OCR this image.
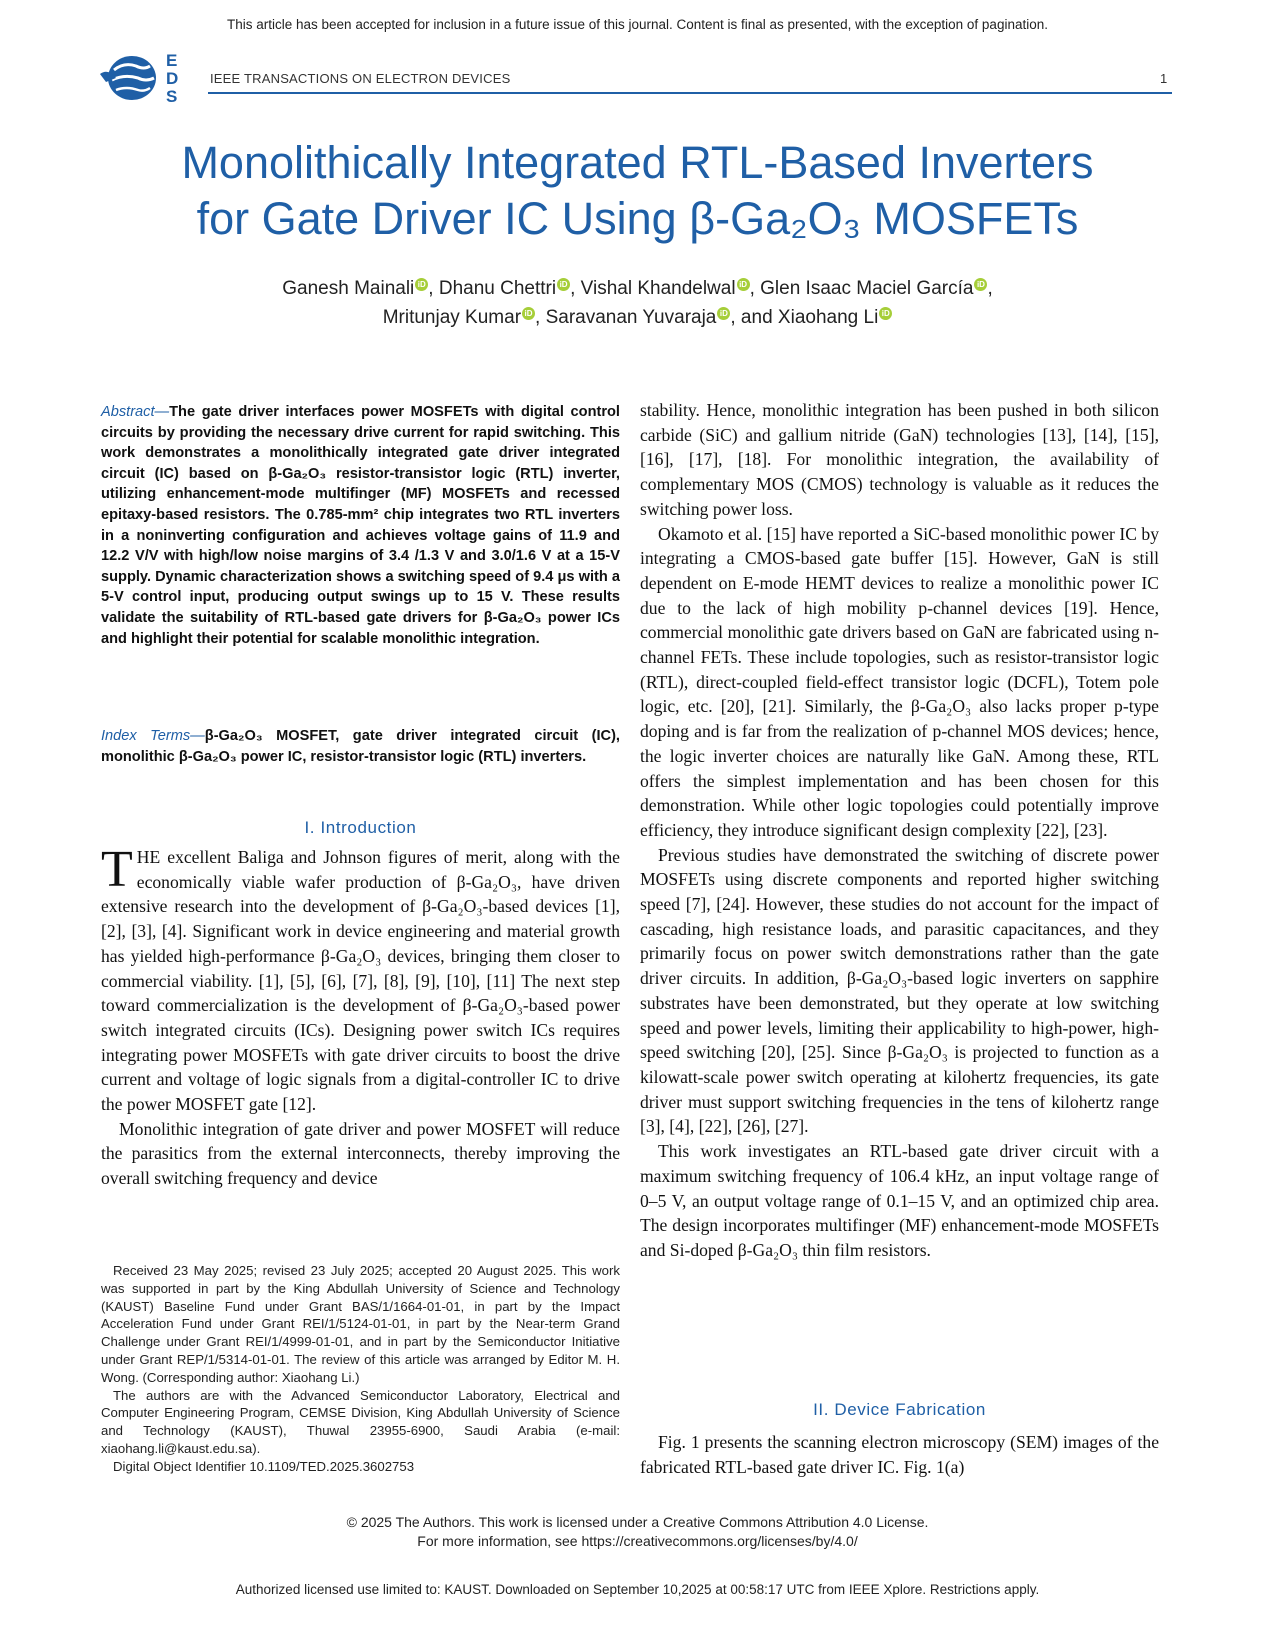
This article has been accepted for inclusion in a future issue of this journal. Content is final as presented, with the exception of pagination.
E
D
S
IEEE TRANSACTIONS ON ELECTRON DEVICES	1
Monolithically Integrated RTL-Based Inverters
for Gate Driver IC Using β-Ga₂O₃ MOSFETs
Ganesh Mainali iD , Dhanu Chettri iD , Vishal Khandelwal iD , Glen Isaac Maciel García iD ,
Mritunjay Kumar iD , Saravanan Yuvaraja iD , and Xiaohang Li iD
Abstract—The gate driver interfaces power MOSFETs with digital control circuits by providing the necessary drive current for rapid switching. This work demonstrates a monolithically integrated gate driver integrated circuit (IC) based on β-Ga₂O₃ resistor-transistor logic (RTL) inverter, utilizing enhancement-mode multifinger (MF) MOSFETs and recessed epitaxy-based resistors. The 0.785-mm² chip integrates two RTL inverters in a noninverting configuration and achieves voltage gains of 11.9 and 12.2 V/V with high/low noise margins of 3.4 /1.3 V and 3.0/1.6 V at a 15-V supply. Dynamic characterization shows a switching speed of 9.4 μs with a 5-V control input, producing output swings up to 15 V. These results validate the suitability of RTL-based gate drivers for β-Ga₂O₃ power ICs and highlight their potential for scalable monolithic integration.
Index Terms—β-Ga₂O₃ MOSFET, gate driver integrated circuit (IC), monolithic β-Ga₂O₃ power IC, resistor-transistor logic (RTL) inverters.
I. Introduction

THE excellent Baliga and Johnson figures of merit, along with the economically viable wafer production of β-Ga₂O₃, have driven extensive research into the development of β-Ga₂O₃-based devices [1], [2], [3], [4]. Significant work in device engineering and material growth has yielded high-performance β-Ga₂O₃ devices, bringing them closer to commercial viability. [1], [5], [6], [7], [8], [9], [10], [11] The next step toward commercialization is the development of β-Ga₂O₃-based power switch integrated circuits (ICs). Designing power switch ICs requires integrating power MOSFETs with gate driver circuits to boost the drive current and voltage of logic signals from a digital-controller IC to drive the power MOSFET gate [12].

Monolithic integration of gate driver and power MOSFET will reduce the parasitics from the external interconnects, thereby improving the overall switching frequency and device

Received 23 May 2025; revised 23 July 2025; accepted 20 August 2025. This work was supported in part by the King Abdullah University of Science and Technology (KAUST) Baseline Fund under Grant BAS/1/1664-01-01, in part by the Impact Acceleration Fund under Grant REI/1/5124-01-01, in part by the Near-term Grand Challenge under Grant REI/1/4999-01-01, and in part by the Semiconductor Initiative under Grant REP/1/5314-01-01. The review of this article was arranged by Editor M. H. Wong. (Corresponding author: Xiaohang Li.)

The authors are with the Advanced Semiconductor Laboratory, Electrical and Computer Engineering Program, CEMSE Division, King Abdullah University of Science and Technology (KAUST), Thuwal 23955-6900, Saudi Arabia (e-mail: xiaohang.li@kaust.edu.sa).

Digital Object Identifier 10.1109/TED.2025.3602753

stability. Hence, monolithic integration has been pushed in both silicon carbide (SiC) and gallium nitride (GaN) technologies [13], [14], [15], [16], [17], [18]. For monolithic integration, the availability of complementary MOS (CMOS) technology is valuable as it reduces the switching power loss.

Okamoto et al. [15] have reported a SiC-based monolithic power IC by integrating a CMOS-based gate buffer [15]. However, GaN is still dependent on E-mode HEMT devices to realize a monolithic power IC due to the lack of high mobility p-channel devices [19]. Hence, commercial monolithic gate drivers based on GaN are fabricated using n-channel FETs. These include topologies, such as resistor-transistor logic (RTL), direct-coupled field-effect transistor logic (DCFL), Totem pole logic, etc. [20], [21]. Similarly, the β-Ga₂O₃ also lacks proper p-type doping and is far from the realization of p-channel MOS devices; hence, the logic inverter choices are naturally like GaN. Among these, RTL offers the simplest implementation and has been chosen for this demonstration. While other logic topologies could potentially improve efficiency, they introduce significant design complexity [22], [23].

Previous studies have demonstrated the switching of discrete power MOSFETs using discrete components and reported higher switching speed [7], [24]. However, these studies do not account for the impact of cascading, high resistance loads, and parasitic capacitances, and they primarily focus on power switch demonstrations rather than the gate driver circuits. In addition, β-Ga₂O₃-based logic inverters on sapphire substrates have been demonstrated, but they operate at low switching speed and power levels, limiting their applicability to high-power, high-speed switching [20], [25]. Since β-Ga₂O₃ is projected to function as a kilowatt-scale power switch operating at kilohertz frequencies, its gate driver must support switching frequencies in the tens of kilohertz range [3], [4], [22], [26], [27].

This work investigates an RTL-based gate driver circuit with a maximum switching frequency of 106.4 kHz, an input voltage range of 0–5 V, an output voltage range of 0.1–15 V, and an optimized chip area. The design incorporates multifinger (MF) enhancement-mode MOSFETs and Si-doped β-Ga₂O₃ thin film resistors.

II. Device Fabrication

Fig. 1 presents the scanning electron microscopy (SEM) images of the fabricated RTL-based gate driver IC. Fig. 1(a)

© 2025 The Authors. This work is licensed under a Creative Commons Attribution 4.0 License.
For more information, see https://creativecommons.org/licenses/by/4.0/
Authorized licensed use limited to: KAUST. Downloaded on September 10,2025 at 00:58:17 UTC from IEEE Xplore. Restrictions apply.
